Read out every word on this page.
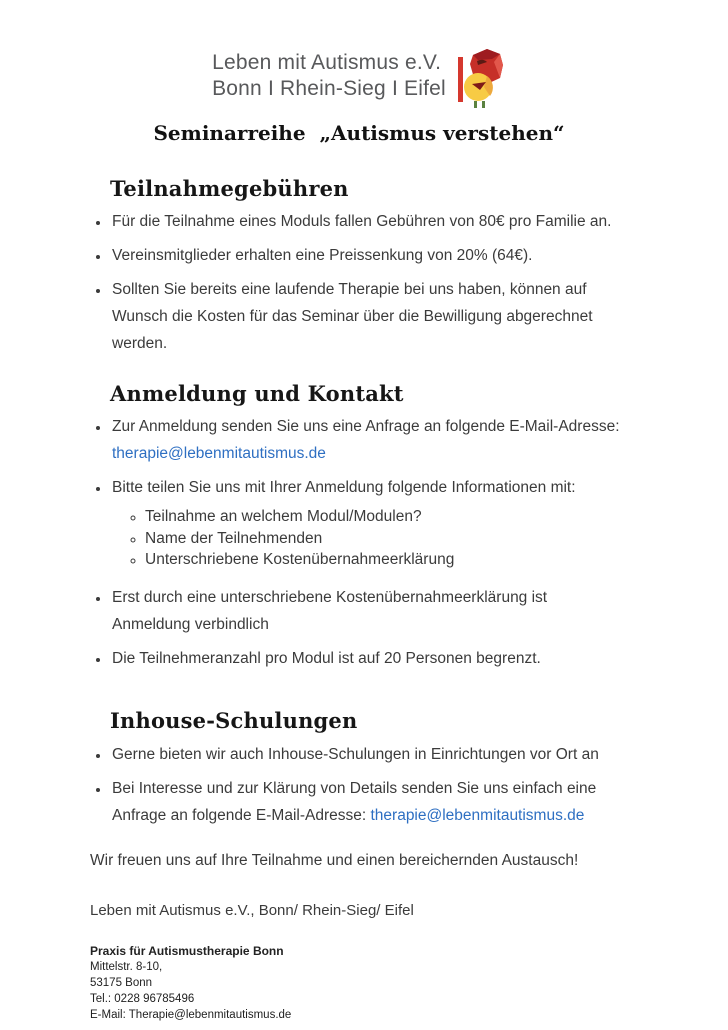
Leben mit Autismus e.V.
Bonn I Rhein-Sieg I Eifel
Seminarreihe  „Autismus verstehen“
Teilnahmegebühren
• Für die Teilnahme eines Moduls fallen Gebühren von 80€ pro Familie an.
• Vereinsmitglieder erhalten eine Preissenkung von 20% (64€).
• Sollten Sie bereits eine laufende Therapie bei uns haben, können auf Wunsch die Kosten für das Seminar über die Bewilligung abgerechnet werden.
Anmeldung und Kontakt
• Zur Anmeldung senden Sie uns eine Anfrage an folgende E-Mail-Adresse:
therapie@lebenmitautismus.de
• Bitte teilen Sie uns mit Ihrer Anmeldung folgende Informationen mit:
◦ Teilnahme an welchem Modul/Modulen?
◦ Name der Teilnehmenden
◦ Unterschriebene Kostenübernahmeerklärung
• Erst durch eine unterschriebene Kostenübernahmeerklärung ist Anmeldung verbindlich
• Die Teilnehmeranzahl pro Modul ist auf 20 Personen begrenzt.
Inhouse-Schulungen
• Gerne bieten wir auch Inhouse-Schulungen in Einrichtungen vor Ort an
• Bei Interesse und zur Klärung von Details senden Sie uns einfach eine Anfrage an folgende E-Mail-Adresse: therapie@lebenmitautismus.de

Wir freuen uns auf Ihre Teilnahme und einen bereichernden Austausch!

Leben mit Autismus e.V., Bonn/ Rhein-Sieg/ Eifel

Praxis für Autismustherapie Bonn
Mittelstr. 8-10,
53175 Bonn
Tel.: 0228 96785496
E-Mail: Therapie@lebenmitautismus.de
